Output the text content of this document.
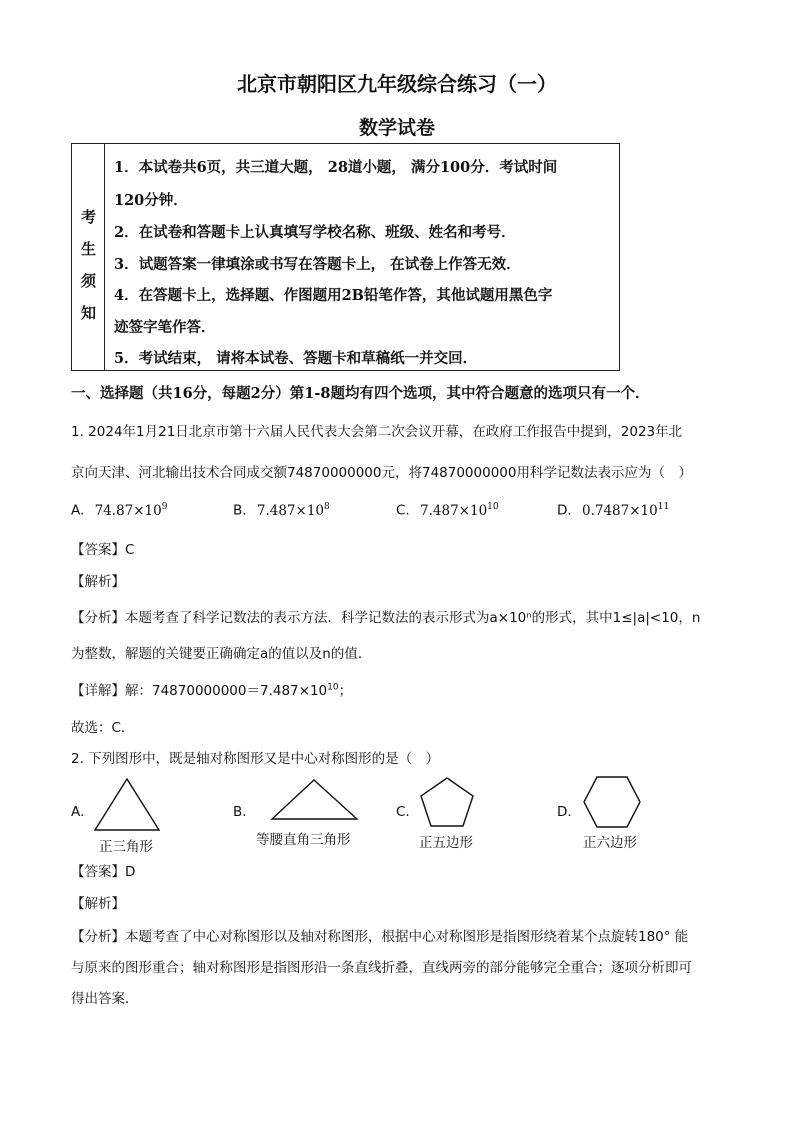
北京市朝阳区九年级综合练习（一）
数学试卷
考
生
须
知
1．本试卷共6页，共三道大题， 28道小题， 满分100分．考试时间
120分钟．
2．在试卷和答题卡上认真填写学校名称、班级、姓名和考号．
3．试题答案一律填涂或书写在答题卡上， 在试卷上作答无效．
4．在答题卡上，选择题、作图题用2B铅笔作答，其他试题用黑色字
迹签字笔作答．
5．考试结束， 请将本试卷、答题卡和草稿纸一并交回．
一、选择题（共16分，每题2分）第1-8题均有四个选项，其中符合题意的选项只有一个．
1. 2024年1月21日北京市第十六届人民代表大会第二次会议开幕，在政府工作报告中提到，2023年北
京向天津、河北输出技术合同成交额74870000000元，将74870000000用科学记数法表示应为（　）
A. $74.87\times 10^9$	B. $7.487\times 10^8$	C. $7.487\times 10^{10}$	D. $0.7487\times 10^{11}$
【答案】C
【解析】
【分析】本题考查了科学记数法的表示方法．科学记数法的表示形式为a×10ⁿ的形式，其中1≤|a|<10，n
为整数，解题的关键要正确确定a的值以及n的值．
【详解】解：$74870000000=7.487\times 10^{10}$；
故选：C．
2. 下列图形中，既是轴对称图形又是中心对称图形的是（　）
A.
正三角形
B.
等腰直角三角形
C.
正五边形
D.
正六边形
【答案】D
【解析】
【分析】本题考查了中心对称图形以及轴对称图形，根据中心对称图形是指图形绕着某个点旋转180° 能
与原来的图形重合；轴对称图形是指图形沿一条直线折叠，直线两旁的部分能够完全重合；逐项分析即可
得出答案．
